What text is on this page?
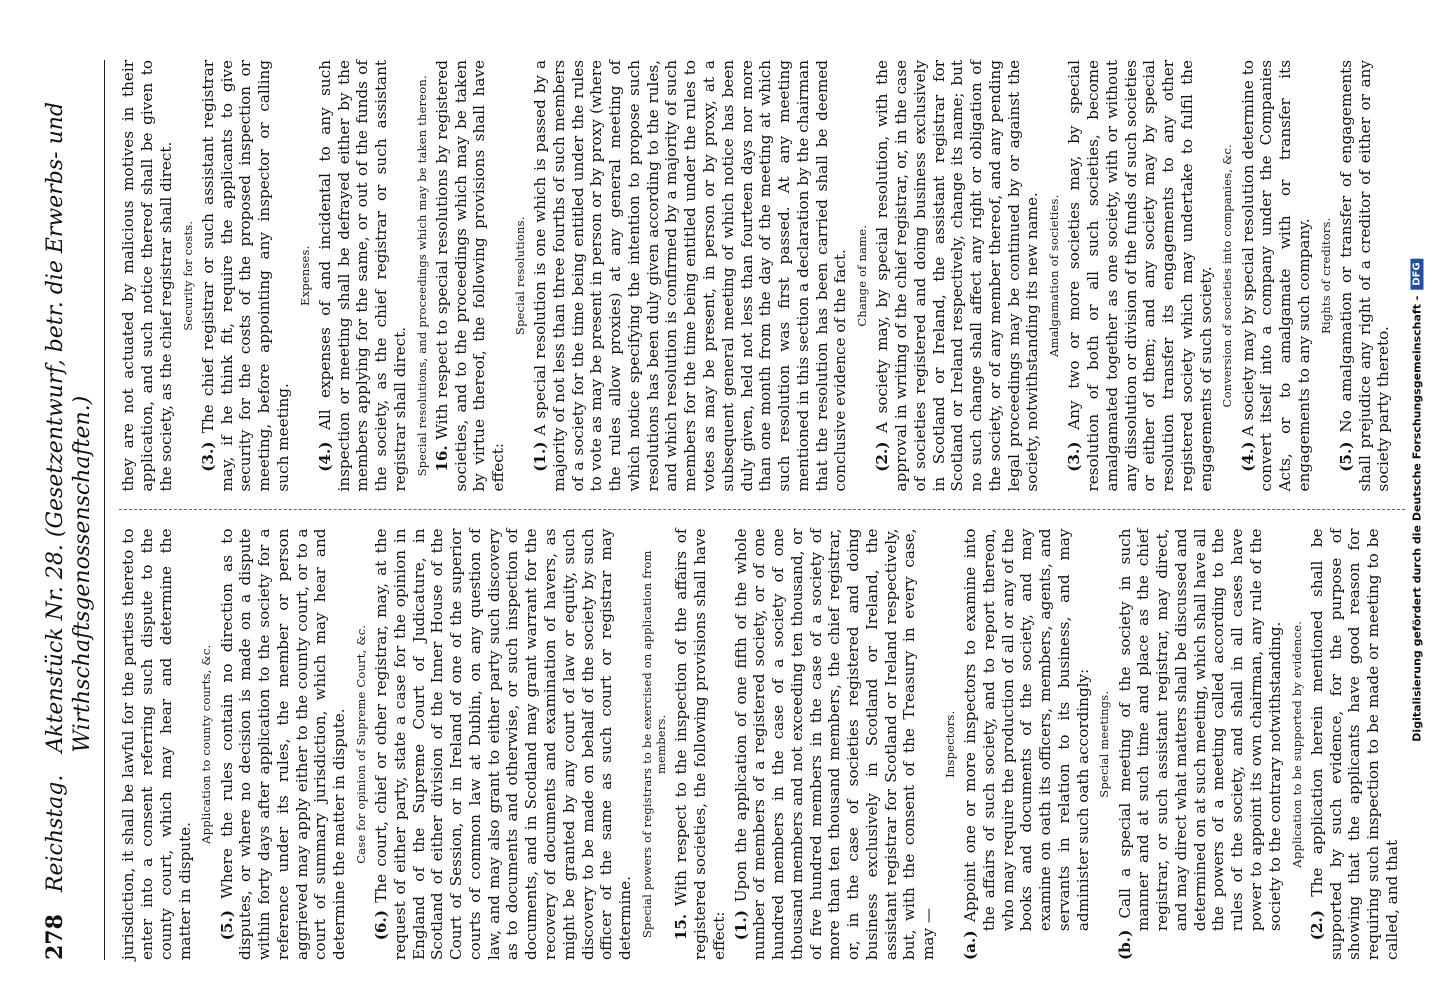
278
Reichstag.
Aktenstück Nr. 28. (Gesetzentwurf, betr. die Erwerbs- und Wirthschaftsgenossenschaften.) jurisdiction, it shall be lawful for the parties thereto to enter into a consent referring such dispute to the county court, which may hear and determine the matter in dispute.

Application to county courts, &c.

(5.) Where the rules contain no direction as to disputes, or where no decision is made on a dispute within forty days after application to the society for a reference under its rules, the member or person aggrieved may apply either to the county court, or to a court of summary jurisdiction, which may hear and determine the matter in dispute. Case for opinion of Supreme Court, &c.

(6.) The court, chief or other registrar, may, at the request of either party, state a case for the opinion in England of the Supreme Court of Judicature, in Scotland of either division of the Inner House of the Court of Session, or in Ireland of one of the superior courts of common law at Dublin, on any question of law, and may also grant to either party such discovery as to documents and otherwise, or such inspection of documents, and in Scotland may grant warrant for the recovery of documents and examination of havers, as might be granted by any court of law or equity, such discovery to be made on behalf of the society by such officer of the same as such court or registrar may determine. Special powers of registrars to be exercised on application from members.

15. With respect to the inspection of the affairs of registered societies, the following provisions shall have effect: (1.) Upon the application of one fifth of the whole number of members of a registered society, or of one hundred members in the case of a society of one thousand members and not exceeding ten thousand, or of five hundred members in the case of a society of more than ten thousand members, the chief registrar, or, in the case of societies registered and doing business exclusively in Scotland or Ireland, the assistant registrar for Scotland or Ireland respectively, but, with the consent of the Treasury in every case, may —

Inspectors.

(a.) Appoint one or more inspectors to examine into the affairs of such society, and to report thereon, who may require the production of all or any of the books and documents of the society, and may examine on oath its officers, members, agents, and servants in relation to its business, and may administer such oath accordingly: Special meetings.

(b.) Call a special meeting of the society in such manner and at such time and place as the chief registrar, or such assistant registrar, may direct, and may direct what matters shall be discussed and determined on at such meeting, which shall have all the powers of a meeting called according to the rules of the society, and shall in all cases have power to appoint its own chairman, any rule of the society to the contrary notwithstanding. Application to be supported by evidence.

(2.) The application herein mentioned shall be supported by such evidence, for the purpose of showing that the applicants have good reason for requiring such inspection to be made or meeting to be called, and that

they are not actuated by malicious motives in their application, and such notice thereof shall be given to the society, as the chief registrar shall direct. Security for costs.

(3.) The chief registrar or such assistant registrar may, if he think fit, require the applicants to give security for the costs of the proposed inspection or meeting, before appointing any inspector or calling such meeting.

Expenses.

(4.) All expenses of and incidental to any such inspection or meeting shall be defrayed either by the members applying for the same, or out of the funds of the society, as the chief registrar or such assistant registrar shall direct. Special resolutions, and proceedings which may be taken thereon. 16. With respect to special resolutions by registered societies, and to the proceedings which may be taken by virtue thereof, the following provisions shall have effect:

Special resolutions.

(1.) A special resolution is one which is passed by a majority of not less than three fourths of such members of a society for the time being entitled under the rules to vote as may be present in person or by proxy (where the rules allow proxies) at any general meeting of which notice specifying the intention to propose such resolutions has been duly given according to the rules, and which resolution is confirmed by a majority of such members for the time being entitled under the rules to votes as may be present, in person or by proxy, at a subsequent general meeting of which notice has been duly given, held not less than fourteen days nor more than one month from the day of the meeting at which such resolution was first passed. At any meeting mentioned in this section a declaration by the chairman that the resolution has been carried shall be deemed conclusive evidence of the fact. Change of name.

(2.) A society may, by special resolution, with the approval in writing of the chief registrar, or, in the case of societies registered and doing business exclusively in Scotland or Ireland, the assistant registrar for Scotland or Ireland respectively, change its name; but no such change shall affect any right or obligation of the society, or of any member thereof, and any pending legal proceedings may be continued by or against the society, notwithstanding its new name. Amalgamation of societies.

(3.) Any two or more societies may, by special resolution of both or all such societies, become amalgamated together as one society, with or without any dissolution or division of the funds of such societies or either of them; and any society may by special resolution transfer its engagements to any other registered society which may undertake to fulfil the engagements of such society. Conversion of societies into companies, &c.

(4.) A society may by special resolution determine to convert itself into a company under the Companies Acts, or to amalgamate with or transfer its engagements to any such company. Rights of creditors.

(5.) No amalgamation or transfer of engagements shall prejudice any right of a creditor of either or any society party thereto. Digitalisierung gefördert durch die Deutsche Forschungsgemeinschaft -
DFG
